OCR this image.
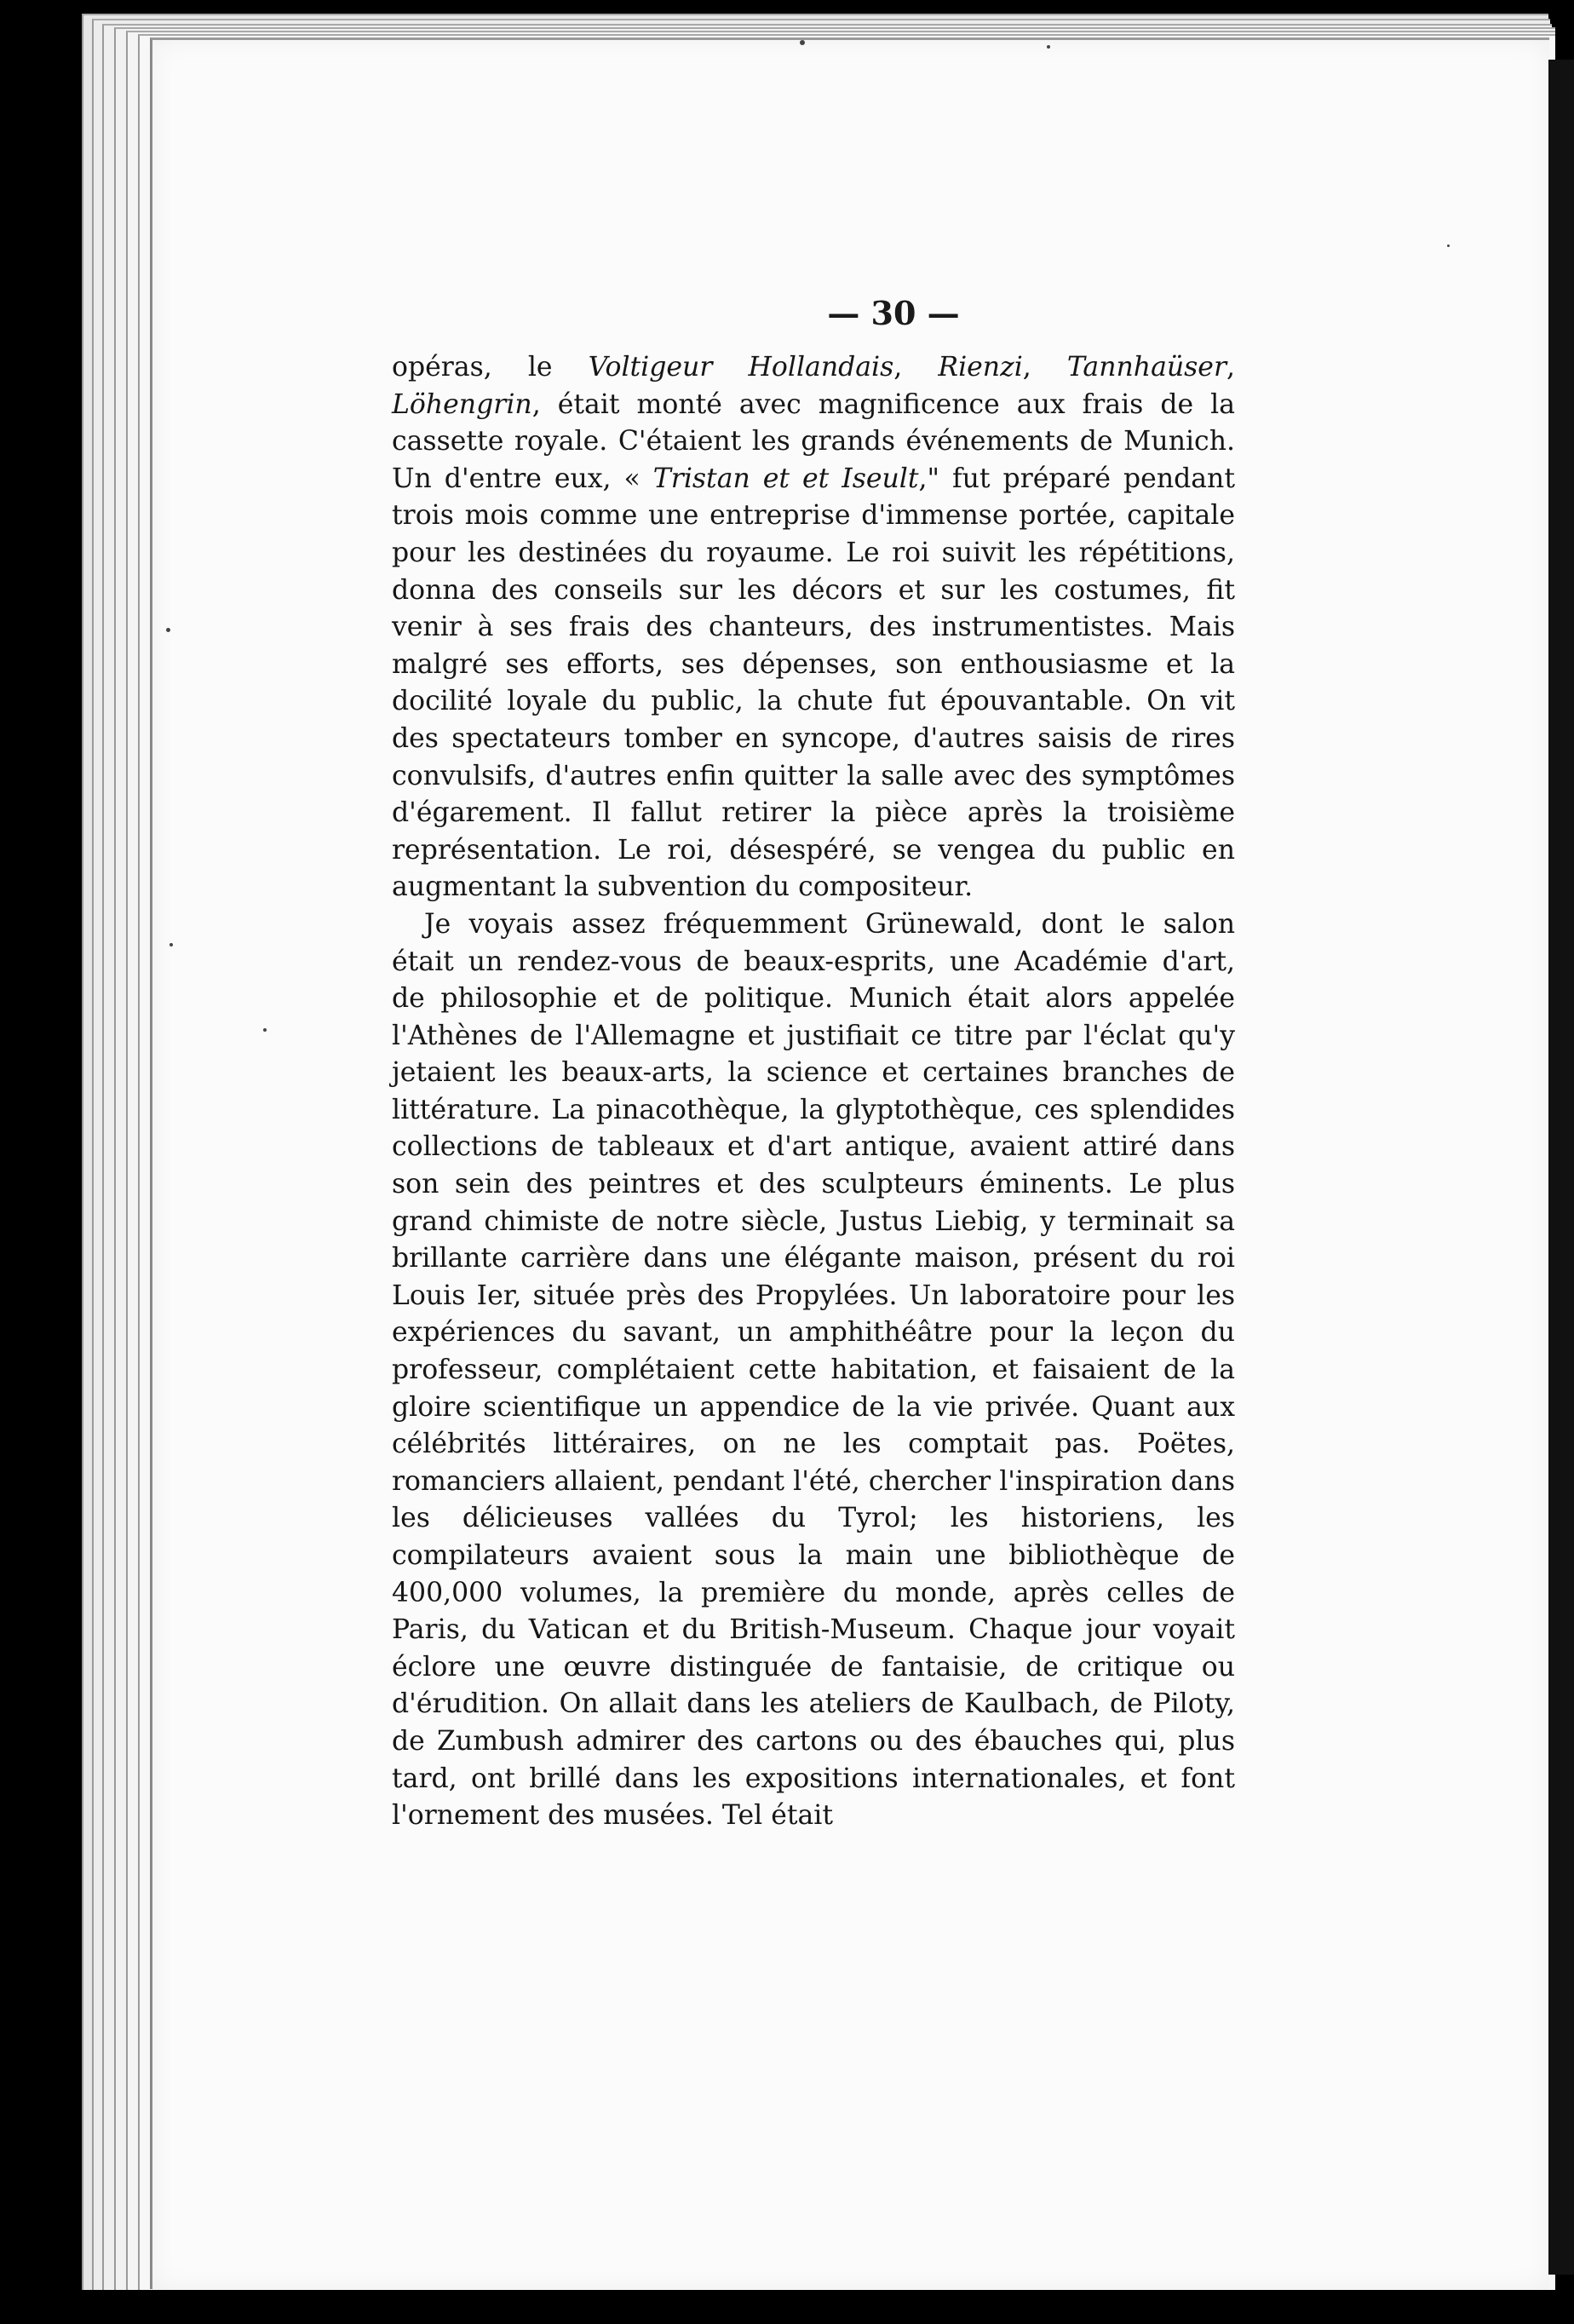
— 30 —

opéras, le Voltigeur Hollandais, Rienzi, Tannhaüser, Löhengrin, était monté avec magnificence aux frais de la cassette royale. C'étaient les grands événements de Munich. Un d'entre eux, « Tristan et et Iseult," fut préparé pendant trois mois comme une entreprise d'immense portée, capitale pour les destinées du royaume. Le roi suivit les répétitions, donna des conseils sur les décors et sur les costumes, fit venir à ses frais des chanteurs, des instrumentistes. Mais malgré ses efforts, ses dépenses, son enthousiasme et la docilité loyale du public, la chute fut épouvantable. On vit des spectateurs tomber en syncope, d'autres saisis de rires convulsifs, d'autres enfin quitter la salle avec des symptômes d'égarement. Il fallut retirer la pièce après la troisième représentation. Le roi, désespéré, se vengea du public en augmentant la subvention du compositeur.

Je voyais assez fréquemment Grünewald, dont le salon était un rendez-vous de beaux-esprits, une Académie d'art, de philosophie et de politique. Munich était alors appelée l'Athènes de l'Allemagne et justifiait ce titre par l'éclat qu'y jetaient les beaux-arts, la science et certaines branches de littérature. La pinacothèque, la glyptothèque, ces splendides collections de tableaux et d'art antique, avaient attiré dans son sein des peintres et des sculpteurs éminents. Le plus grand chimiste de notre siècle, Justus Liebig, y terminait sa brillante carrière dans une élégante maison, présent du roi Louis Ier, située près des Propylées. Un laboratoire pour les expériences du savant, un amphithéâtre pour la leçon du professeur, complétaient cette habitation, et faisaient de la gloire scientifique un appendice de la vie privée. Quant aux célébrités littéraires, on ne les comptait pas. Poëtes, romanciers allaient, pendant l'été, chercher l'inspiration dans les délicieuses vallées du Tyrol; les historiens, les compilateurs avaient sous la main une bibliothèque de 400,000 volumes, la première du monde, après celles de Paris, du Vatican et du British-Museum. Chaque jour voyait éclore une œuvre distinguée de fantaisie, de critique ou d'érudition. On allait dans les ateliers de Kaulbach, de Piloty, de Zumbush admirer des cartons ou des ébauches qui, plus tard, ont brillé dans les expositions internationales, et font l'ornement des musées. Tel était
